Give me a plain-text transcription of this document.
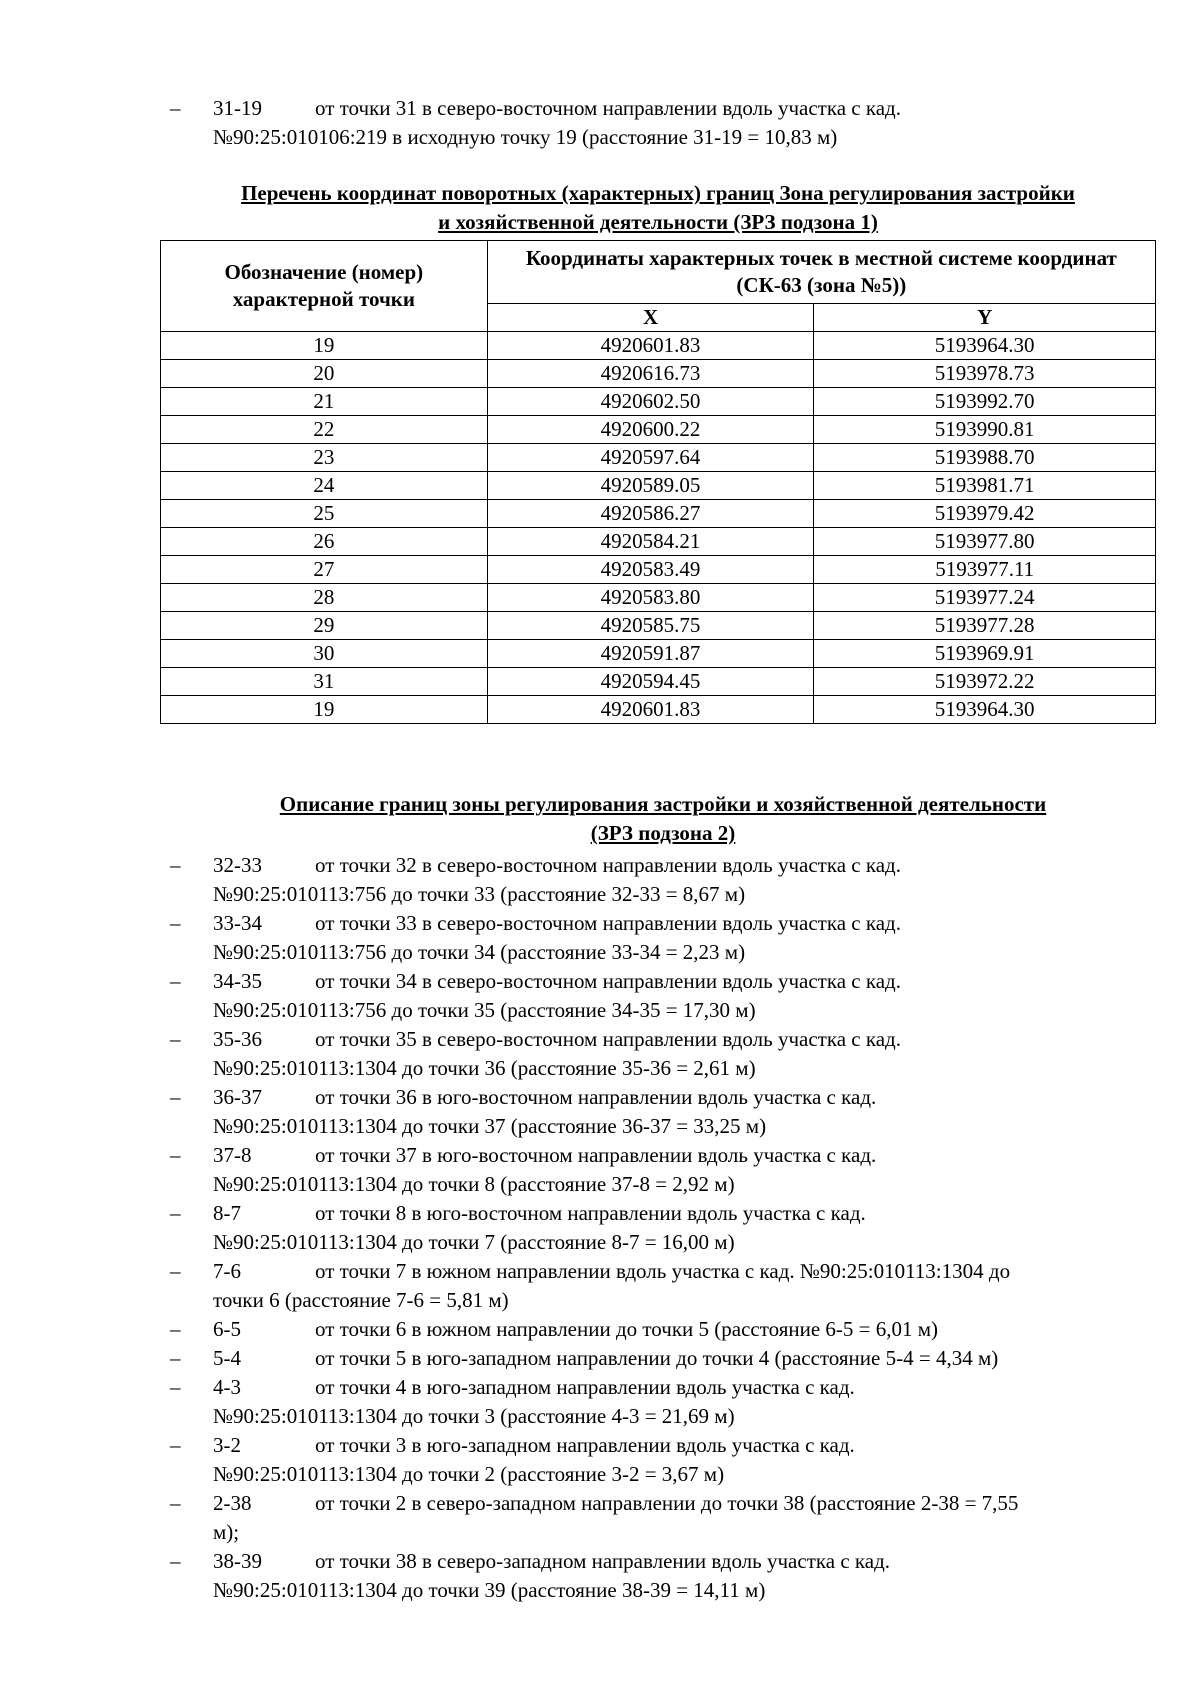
– 31-19	от точки 31 в северо-восточном направлении вдоль участка с кад.
№90:25:010106:219 в исходную точку 19 (расстояние 31-19 = 10,83 м)
Перечень координат поворотных (характерных) границ Зона регулирования застройки
и хозяйственной деятельности (ЗРЗ подзона 1)
Обозначение (номер) характерной точки	Координаты характерных точек в местной системе координат (СК-63 (зона №5))	
	X	Y
19	4920601.83	5193964.30
20	4920616.73	5193978.73
21	4920602.50	5193992.70
22	4920600.22	5193990.81
23	4920597.64	5193988.70
24	4920589.05	5193981.71
25	4920586.27	5193979.42
26	4920584.21	5193977.80
27	4920583.49	5193977.11
28	4920583.80	5193977.24
29	4920585.75	5193977.28
30	4920591.87	5193969.91
31	4920594.45	5193972.22
19	4920601.83	5193964.30
Описание границ зоны регулирования застройки и хозяйственной деятельности
(ЗРЗ подзона 2)
– 32-33	от точки 32 в северо-восточном направлении вдоль участка с кад.
№90:25:010113:756 до точки 33 (расстояние 32-33 = 8,67 м)
– 33-34	от точки 33 в северо-восточном направлении вдоль участка с кад.
№90:25:010113:756 до точки 34 (расстояние 33-34 = 2,23 м)
– 34-35	от точки 34 в северо-восточном направлении вдоль участка с кад.
№90:25:010113:756 до точки 35 (расстояние 34-35 = 17,30 м)
– 35-36	от точки 35 в северо-восточном направлении вдоль участка с кад.
№90:25:010113:1304 до точки 36 (расстояние 35-36 = 2,61 м)
– 36-37	от точки 36 в юго-восточном направлении вдоль участка с кад.
№90:25:010113:1304 до точки 37 (расстояние 36-37 = 33,25 м)
– 37-8	от точки 37 в юго-восточном направлении вдоль участка с кад.
№90:25:010113:1304 до точки 8 (расстояние 37-8 = 2,92 м)
– 8-7	от точки 8 в юго-восточном направлении вдоль участка с кад.
№90:25:010113:1304 до точки 7 (расстояние 8-7 = 16,00 м)
– 7-6	от точки 7 в южном направлении вдоль участка с кад. №90:25:010113:1304 до
точки 6 (расстояние 7-6 = 5,81 м)
– 6-5	от точки 6 в южном направлении до точки 5 (расстояние 6-5 = 6,01 м)
– 5-4	от точки 5 в юго-западном направлении до точки 4 (расстояние 5-4 = 4,34 м)
– 4-3	от точки 4 в юго-западном направлении вдоль участка с кад.
№90:25:010113:1304 до точки 3 (расстояние 4-3 = 21,69 м)
– 3-2	от точки 3 в юго-западном направлении вдоль участка с кад.
№90:25:010113:1304 до точки 2 (расстояние 3-2 = 3,67 м)
– 2-38	от точки 2 в северо-западном направлении до точки 38 (расстояние 2-38 = 7,55
м);
– 38-39	от точки 38 в северо-западном направлении вдоль участка с кад.
№90:25:010113:1304 до точки 39 (расстояние 38-39 = 14,11 м)
